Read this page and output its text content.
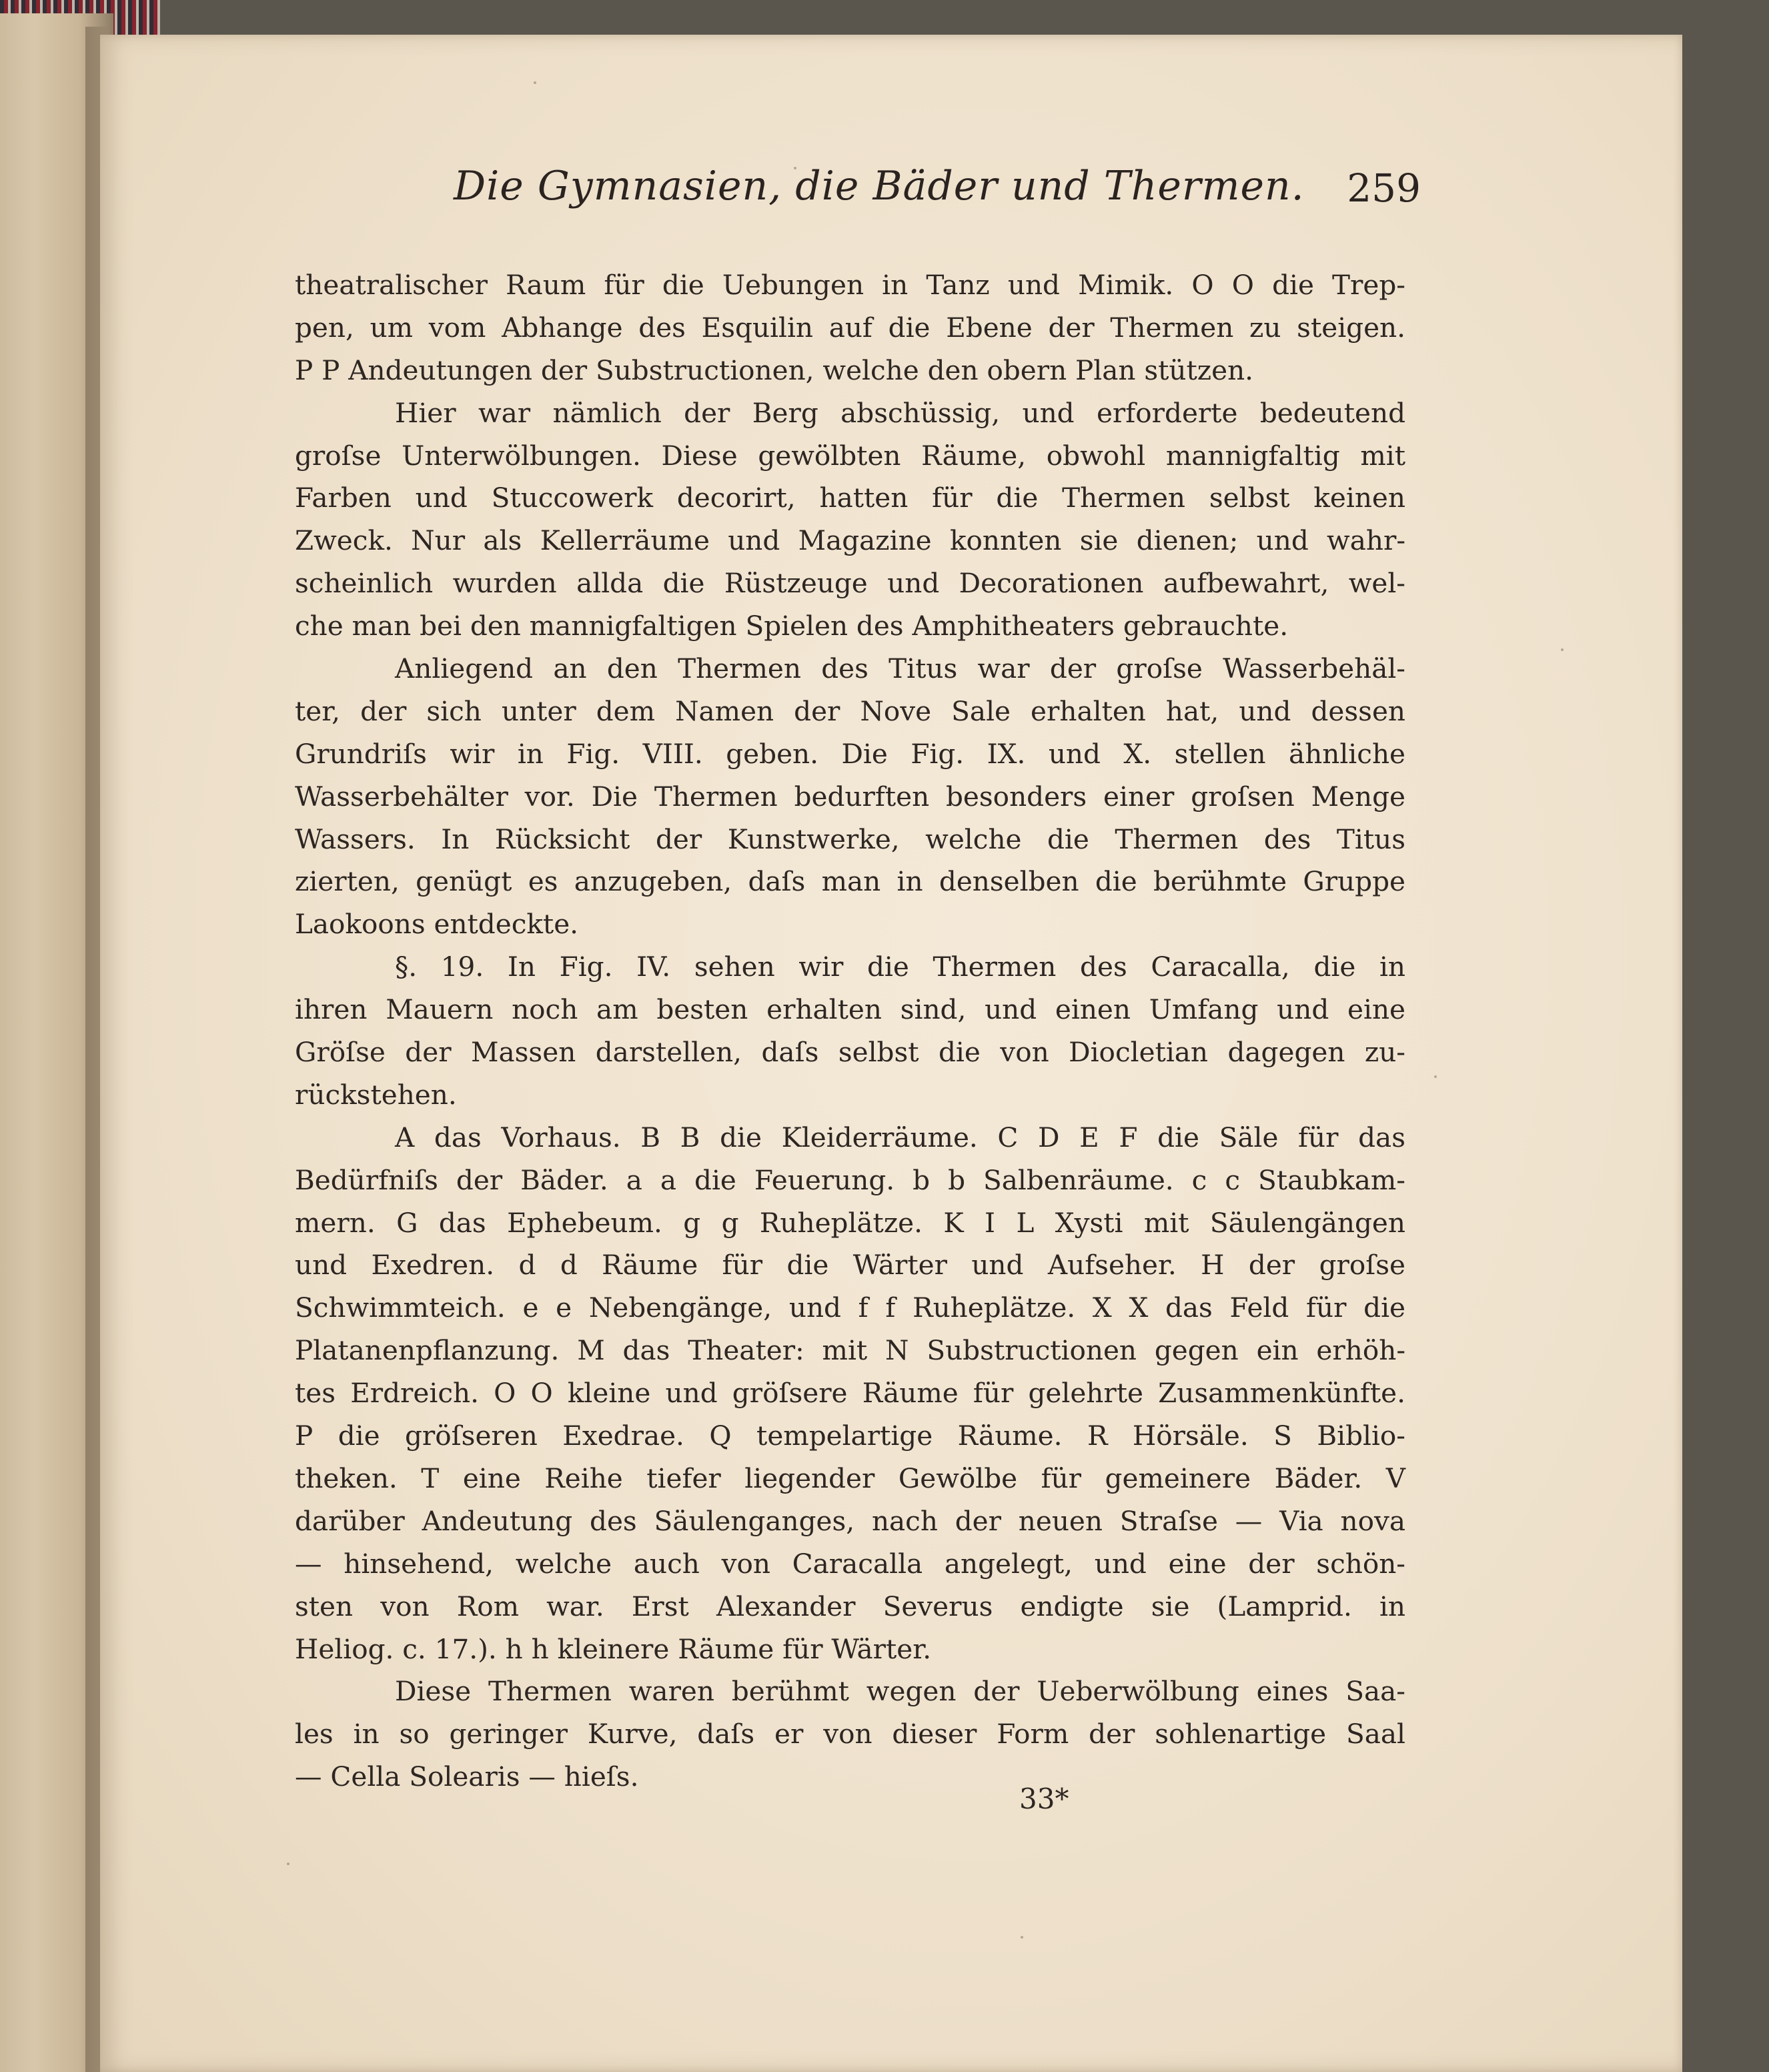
Die Gymnasien, die Bäder und Thermen. 259
theatralischer Raum für die Uebungen in Tanz und Mimik. O O die Trep-
pen, um vom Abhange des Esquilin auf die Ebene der Thermen zu steigen.
P P Andeutungen der Substructionen, welche den obern Plan stützen.
Hier war nämlich der Berg abschüssig, und erforderte bedeutend
groſse Unterwölbungen. Diese gewölbten Räume, obwohl mannigfaltig mit
Farben und Stuccowerk decorirt, hatten für die Thermen selbst keinen
Zweck. Nur als Kellerräume und Magazine konnten sie dienen; und wahr-
scheinlich wurden allda die Rüstzeuge und Decorationen aufbewahrt, wel-
che man bei den mannigfaltigen Spielen des Amphitheaters gebrauchte.
Anliegend an den Thermen des Titus war der groſse Wasserbehäl-
ter, der sich unter dem Namen der Nove Sale erhalten hat, und dessen
Grundriſs wir in Fig. VIII. geben. Die Fig. IX. und X. stellen ähnliche
Wasserbehälter vor. Die Thermen bedurften besonders einer groſsen Menge
Wassers. In Rücksicht der Kunstwerke, welche die Thermen des Titus
zierten, genügt es anzugeben, daſs man in denselben die berühmte Gruppe
Laokoons entdeckte.
§. 19. In Fig. IV. sehen wir die Thermen des Caracalla, die in
ihren Mauern noch am besten erhalten sind, und einen Umfang und eine
Gröſse der Massen darstellen, daſs selbst die von Diocletian dagegen zu-
rückstehen.
A das Vorhaus. B B die Kleiderräume. C D E F die Säle für das
Bedürfniſs der Bäder. a a die Feuerung. b b Salbenräume. c c Staubkam-
mern. G das Ephebeum. g g Ruheplätze. K I L Xysti mit Säulengängen
und Exedren. d d Räume für die Wärter und Aufseher. H der groſse
Schwimmteich. e e Nebengänge, und f f Ruheplätze. X X das Feld für die
Platanenpflanzung. M das Theater: mit N Substructionen gegen ein erhöh-
tes Erdreich. O O kleine und gröſsere Räume für gelehrte Zusammenkünfte.
P die gröſseren Exedrae. Q tempelartige Räume. R Hörsäle. S Biblio-
theken. T eine Reihe tiefer liegender Gewölbe für gemeinere Bäder. V
darüber Andeutung des Säulenganges, nach der neuen Straſse — Via nova
— hinsehend, welche auch von Caracalla angelegt, und eine der schön-
sten von Rom war. Erst Alexander Severus endigte sie (Lamprid. in
Heliog. c. 17.). h h kleinere Räume für Wärter.
Diese Thermen waren berühmt wegen der Ueberwölbung eines Saa-
les in so geringer Kurve, daſs er von dieser Form der sohlenartige Saal
— Cella Solearis — hieſs.
33*
